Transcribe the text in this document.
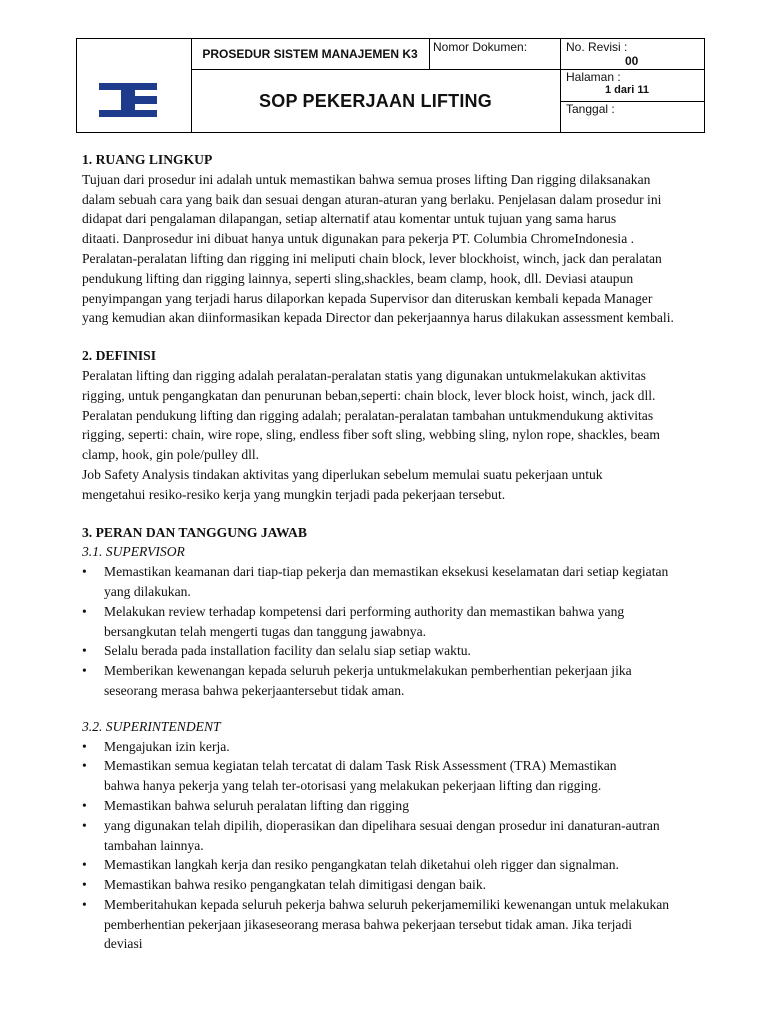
PROSEDUR SISTEM MANAJEMEN K3	Nomor Dokumen:	No. Revisi :
00
Halaman :
1 dari 11
Tanggal :
SOP PEKERJAAN LIFTING

1. RUANG LINGKUP

Tujuan dari prosedur ini adalah untuk memastikan bahwa semua proses lifting Dan rigging dilaksanakan

dalam sebuah cara yang baik dan sesuai dengan aturan-aturan yang berlaku. Penjelasan dalam prosedur ini

didapat dari pengalaman dilapangan, setiap alternatif atau komentar untuk tujuan yang sama harus

ditaati. Danprosedur ini dibuat hanya untuk digunakan para pekerja PT. Columbia ChromeIndonesia .

Peralatan-peralatan lifting dan rigging ini meliputi chain block, lever blockhoist, winch, jack dan peralatan

pendukung lifting dan rigging lainnya, seperti sling,shackles, beam clamp, hook, dll. Deviasi ataupun

penyimpangan yang terjadi harus dilaporkan kepada Supervisor dan diteruskan kembali kepada Manager

yang kemudian akan diinformasikan kepada Director dan pekerjaannya harus dilakukan assessment kembali.

2. DEFINISI

Peralatan lifting dan rigging adalah peralatan-peralatan statis yang digunakan untukmelakukan aktivitas

rigging, untuk pengangkatan dan penurunan beban,seperti: chain block, lever block hoist, winch, jack dll.

Peralatan pendukung lifting dan rigging adalah; peralatan-peralatan tambahan untukmendukung aktivitas

rigging, seperti: chain, wire rope, sling, endless fiber soft sling, webbing sling, nylon rope, shackles, beam

clamp, hook, gin pole/pulley dll.

Job Safety Analysis tindakan aktivitas yang diperlukan sebelum memulai suatu pekerjaan untuk

mengetahui resiko-resiko kerja yang mungkin terjadi pada pekerjaan tersebut.

3. PERAN DAN TANGGUNG JAWAB

3.1. SUPERVISOR

• Memastikan keamanan dari tiap-tiap pekerja dan memastikan eksekusi keselamatan dari setiap kegiatan
yang dilakukan.
• Melakukan review terhadap kompetensi dari performing authority dan memastikan bahwa yang
bersangkutan telah mengerti tugas dan tanggung jawabnya.
• Selalu berada pada installation facility dan selalu siap setiap waktu.
• Memberikan kewenangan kepada seluruh pekerja untukmelakukan pemberhentian pekerjaan jika
seseorang merasa bahwa pekerjaantersebut tidak aman.

3.2. SUPERINTENDENT

• Mengajukan izin kerja.
• Memastikan semua kegiatan telah tercatat di dalam Task Risk Assessment (TRA) Memastikan
bahwa hanya pekerja yang telah ter-otorisasi yang melakukan pekerjaan lifting dan rigging.
• Memastikan bahwa seluruh peralatan lifting dan rigging
• yang digunakan telah dipilih, dioperasikan dan dipelihara sesuai dengan prosedur ini danaturan-autran
tambahan lainnya.
• Memastikan langkah kerja dan resiko pengangkatan telah diketahui oleh rigger dan signalman.
• Memastikan bahwa resiko pengangkatan telah dimitigasi dengan baik.
• Memberitahukan kepada seluruh pekerja bahwa seluruh pekerjamemiliki kewenangan untuk melakukan
pemberhentian pekerjaan jikaseseorang merasa bahwa pekerjaan tersebut tidak aman. Jika terjadi
deviasi
